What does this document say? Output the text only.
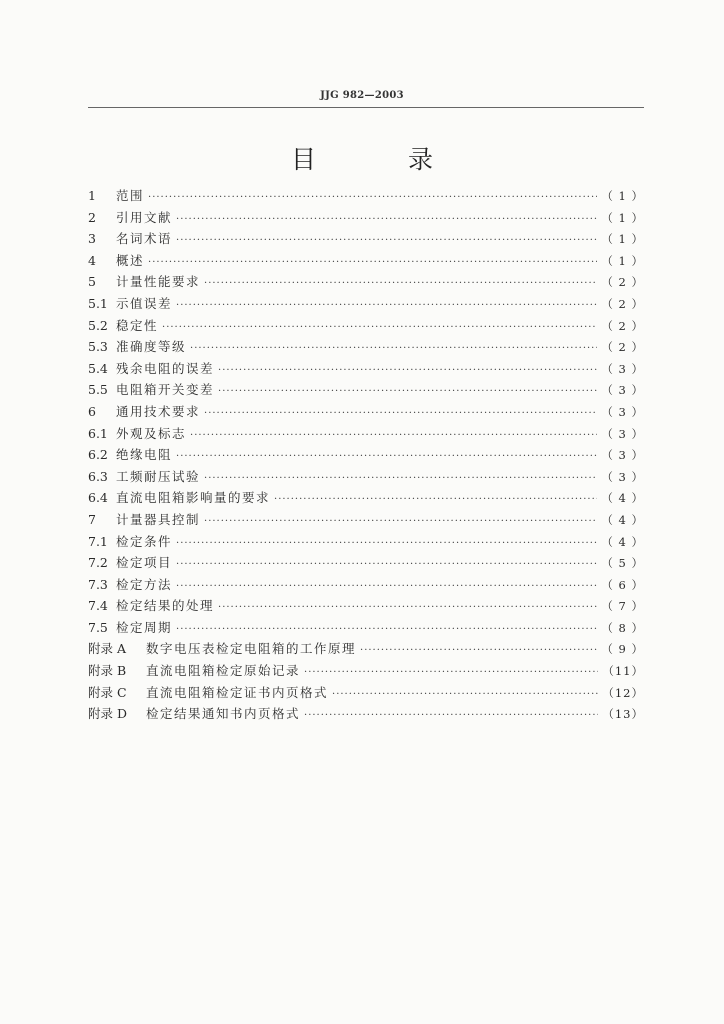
JJG 982—2003
目 录
1	范围 ·····	（ 1 ）
2	引用文献 ·····	（ 1 ）
3	名词术语 ·····	（ 1 ）
4	概述 ·····	（ 1 ）
5	计量性能要求 ·····	（ 2 ）
5.1 示值误差 ·····	（ 2 ）
5.2 稳定性 ·····	（ 2 ）
5.3 准确度等级 ·····	（ 2 ）
5.4 残余电阻的误差 ·····	（ 3 ）
5.5 电阻箱开关变差 ·····	（ 3 ）
6	通用技术要求 ·····	（ 3 ）
6.1 外观及标志 ·····	（ 3 ）
6.2 绝缘电阻 ·····	（ 3 ）
6.3 工频耐压试验 ·····	（ 3 ）
6.4 直流电阻箱影响量的要求 ·····	（ 4 ）
7	计量器具控制 ·····	（ 4 ）
7.1 检定条件 ·····	（ 4 ）
7.2 检定项目 ·····	（ 5 ）
7.3 检定方法 ·····	（ 6 ）
7.4 检定结果的处理 ·····	（ 7 ）
7.5 检定周期 ·····	（ 8 ）
附录 A	数字电压表检定电阻箱的工作原理 ·····	（ 9 ）
附录 B	直流电阻箱检定原始记录 ·····	（11）
附录 C	直流电阻箱检定证书内页格式 ·····	（12）
附录 D	检定结果通知书内页格式 ·····	（13）
